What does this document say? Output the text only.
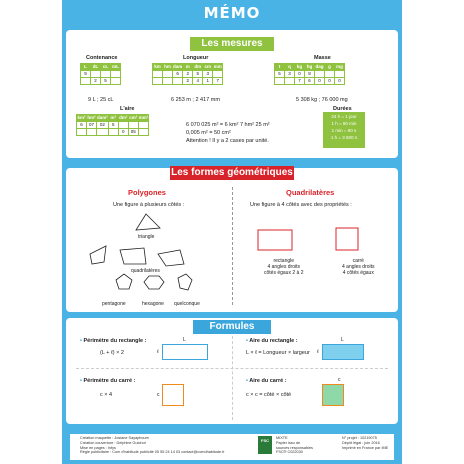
MÉMO
Les mesures
Contenance
L	dL	cL	mL
9			
	2	5	
9 L ; 25 cL
Longueur
km	hm	dam	m	dm	cm	mm
		6	2	5	3	
			2	4	1	7
6 253 m ; 2 417 mm
Masse
t	q	kg	hg	dag	g	mg
5	3	0	8			
		7	6	0	0	0
5 308 kg ; 76 000 mg
L'aire
km²	hm²	dam²	m²	dm²	cm²	mm²
6	07	02	5			
				0	05	
6 070 025 m² = 6 km² 7 hm² 25 m²
0,005 m² = 50 cm²
Attention ! Il y a 2 cases par unité.
Durées
24 h = 1 jour
1 h = 60 min
1 min = 60 s
1 h = 3 600 s
Les formes géométriques
Polygones
Une figure à plusieurs côtés :
triangle
quadrilatères
pentagone	hexagone quelconque
Quadrilatères
Une figure à 4 côtés avec des propriétés :
rectangle
4 angles droits
côtés égaux 2 à 2
carré
4 angles droits
4 côtés égaux
Formules
• Périmètre du rectangle :
(L + ℓ) × 2
L
ℓ
• Aire du rectangle :
L × ℓ = Longueur × largeur
L
ℓ
• Périmètre du carré :
c × 4	c
• Aire du carré :
c × c = côté × côté
c
Création maquette : Josiane Sayaphoum
Création couverture : Delphine Guichot
Mise en pages : Infys
Régie publicitaire : Com d'habitude publicité 05 55 24 14 03 contact@comdhabitude.fr
FSC	MIXTE
Papier issu de
sources responsables
FSC® C022030
N° projet : 10219075
Dépôt légal : juin 2016
Imprimé en France par IME
